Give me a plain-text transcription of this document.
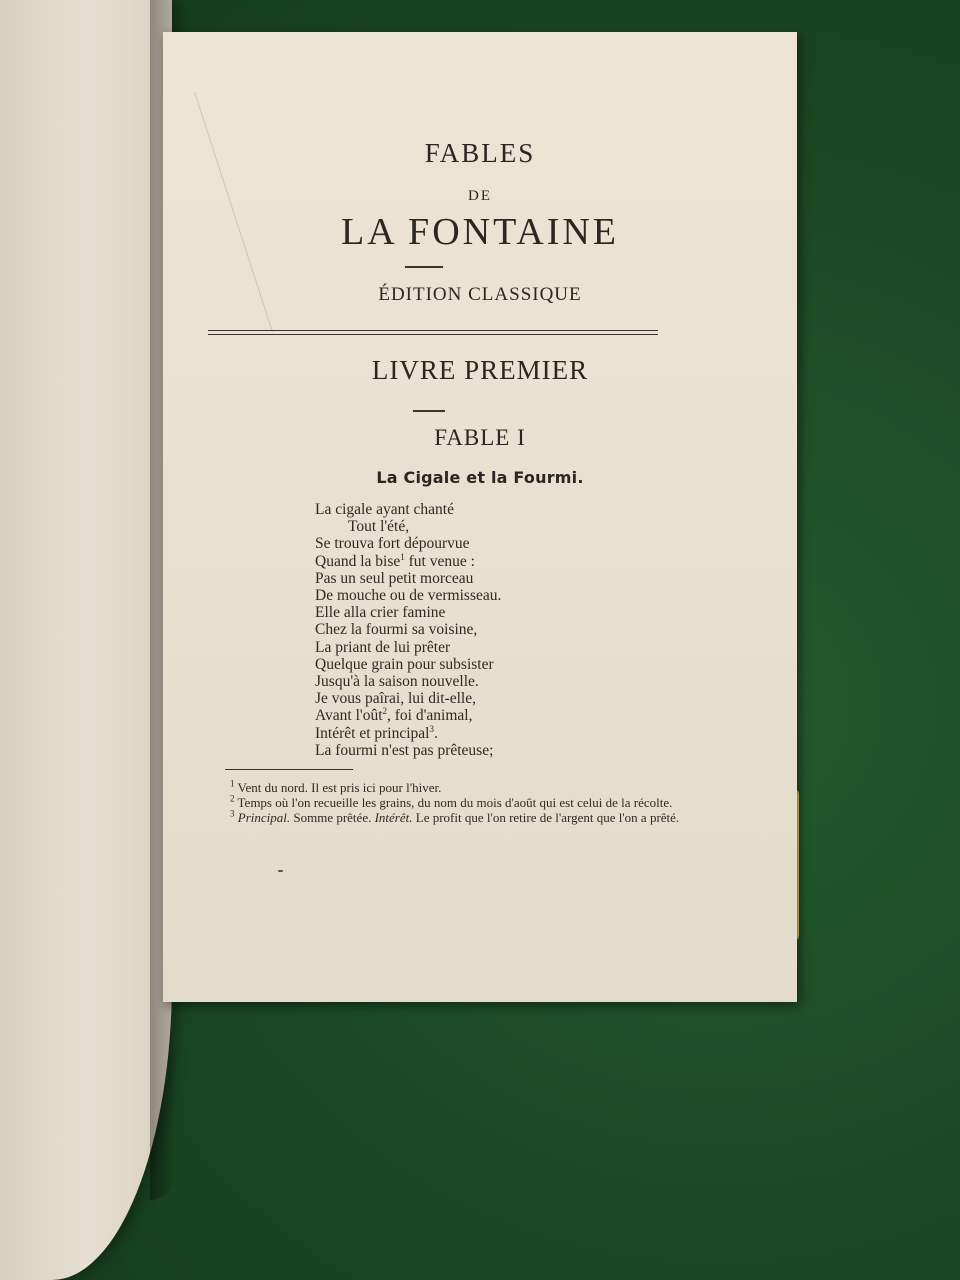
FABLES
DE
LA FONTAINE
ÉDITION CLASSIQUE
LIVRE PREMIER
FABLE I
La Cigale et la Fourmi.
La cigale ayant chanté
Tout l'été,
Se trouva fort dépourvue
Quand la bise$^1$ fut venue :
Pas un seul petit morceau
De mouche ou de vermisseau.
Elle alla crier famine
Chez la fourmi sa voisine,
La priant de lui prêter
Quelque grain pour subsister
Jusqu'à la saison nouvelle.
Je vous paîrai, lui dit-elle,
Avant l'oût$^2$, foi d'animal,
Intérêt et principal$^3$.
La fourmi n'est pas prêteuse;

$^1$ Vent du nord. Il est pris ici pour l'hiver.

$^2$ Temps où l'on recueille les grains, du nom du mois d'août qui est celui de la récolte.

$^3$ Principal. Somme prêtée. Intérêt. Le profit que l'on retire de l'argent que l'on a prêté.
